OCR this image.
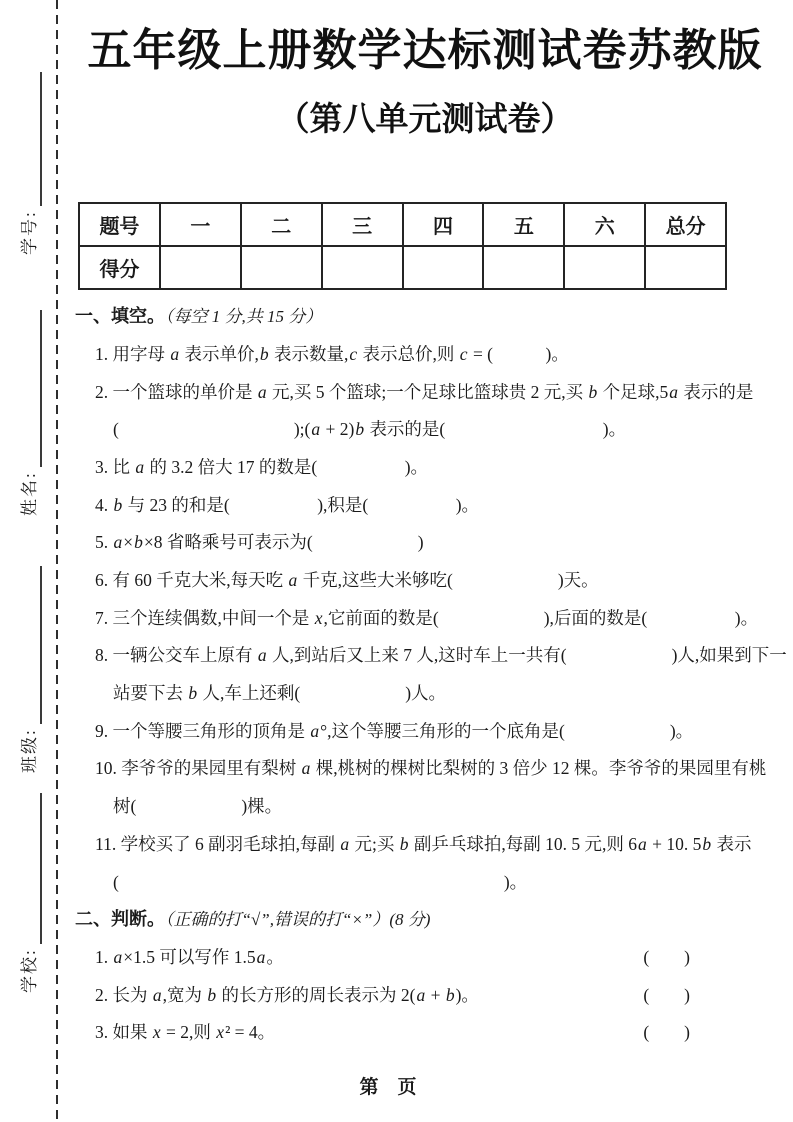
学号:
姓名:
班级:
学校:
五年级上册数学达标测试卷苏教版
（第八单元测试卷）
题号	一	二	三	四	五	六	总分
得分							
一、填空。（每空 1 分,共 15 分）
1. 用字母 a 表示单价,b 表示数量,c 表示总价,则 c = (　　　)。
2. 一个篮球的单价是 a 元,买 5 个篮球;一个足球比篮球贵 2 元,买 b 个足球,5a 表示的是
(　　　　　　　　　　);(a + 2)b 表示的是(　　　　　　　　　)。
3. 比 a 的 3.2 倍大 17 的数是(　　　　　)。
4. b 与 23 的和是(　　　　　),积是(　　　　　)。
5. a×b×8 省略乘号可表示为(　　　　　　)
6. 有 60 千克大米,每天吃 a 千克,这些大米够吃(　　　　　　)天。
7. 三个连续偶数,中间一个是 x,它前面的数是(　　　　　　),后面的数是(　　　　　)。
8. 一辆公交车上原有 a 人,到站后又上来 7 人,这时车上一共有(　　　　　　)人,如果到下一
站要下去 b 人,车上还剩(　　　　　　)人。
9. 一个等腰三角形的顶角是 a°,这个等腰三角形的一个底角是(　　　　　　)。
10. 李爷爷的果园里有梨树 a 棵,桃树的棵树比梨树的 3 倍少 12 棵。李爷爷的果园里有桃
树(　　　　　　)棵。
11. 学校买了 6 副羽毛球拍,每副 a 元;买 b 副乒乓球拍,每副 10. 5 元,则 6a + 10. 5b 表示
(　　　　　　　　　　　　　　　　　　　　　　)。
二、判断。（正确的打“√”,错误的打“×”）(8 分)
1. a×1.5 可以写作 1.5a。	(　　)
2. 长为 a,宽为 b 的长方形的周长表示为 2(a + b)。	(　　)
3. 如果 x = 2,则 x² = 4。	(　　)
第　页
